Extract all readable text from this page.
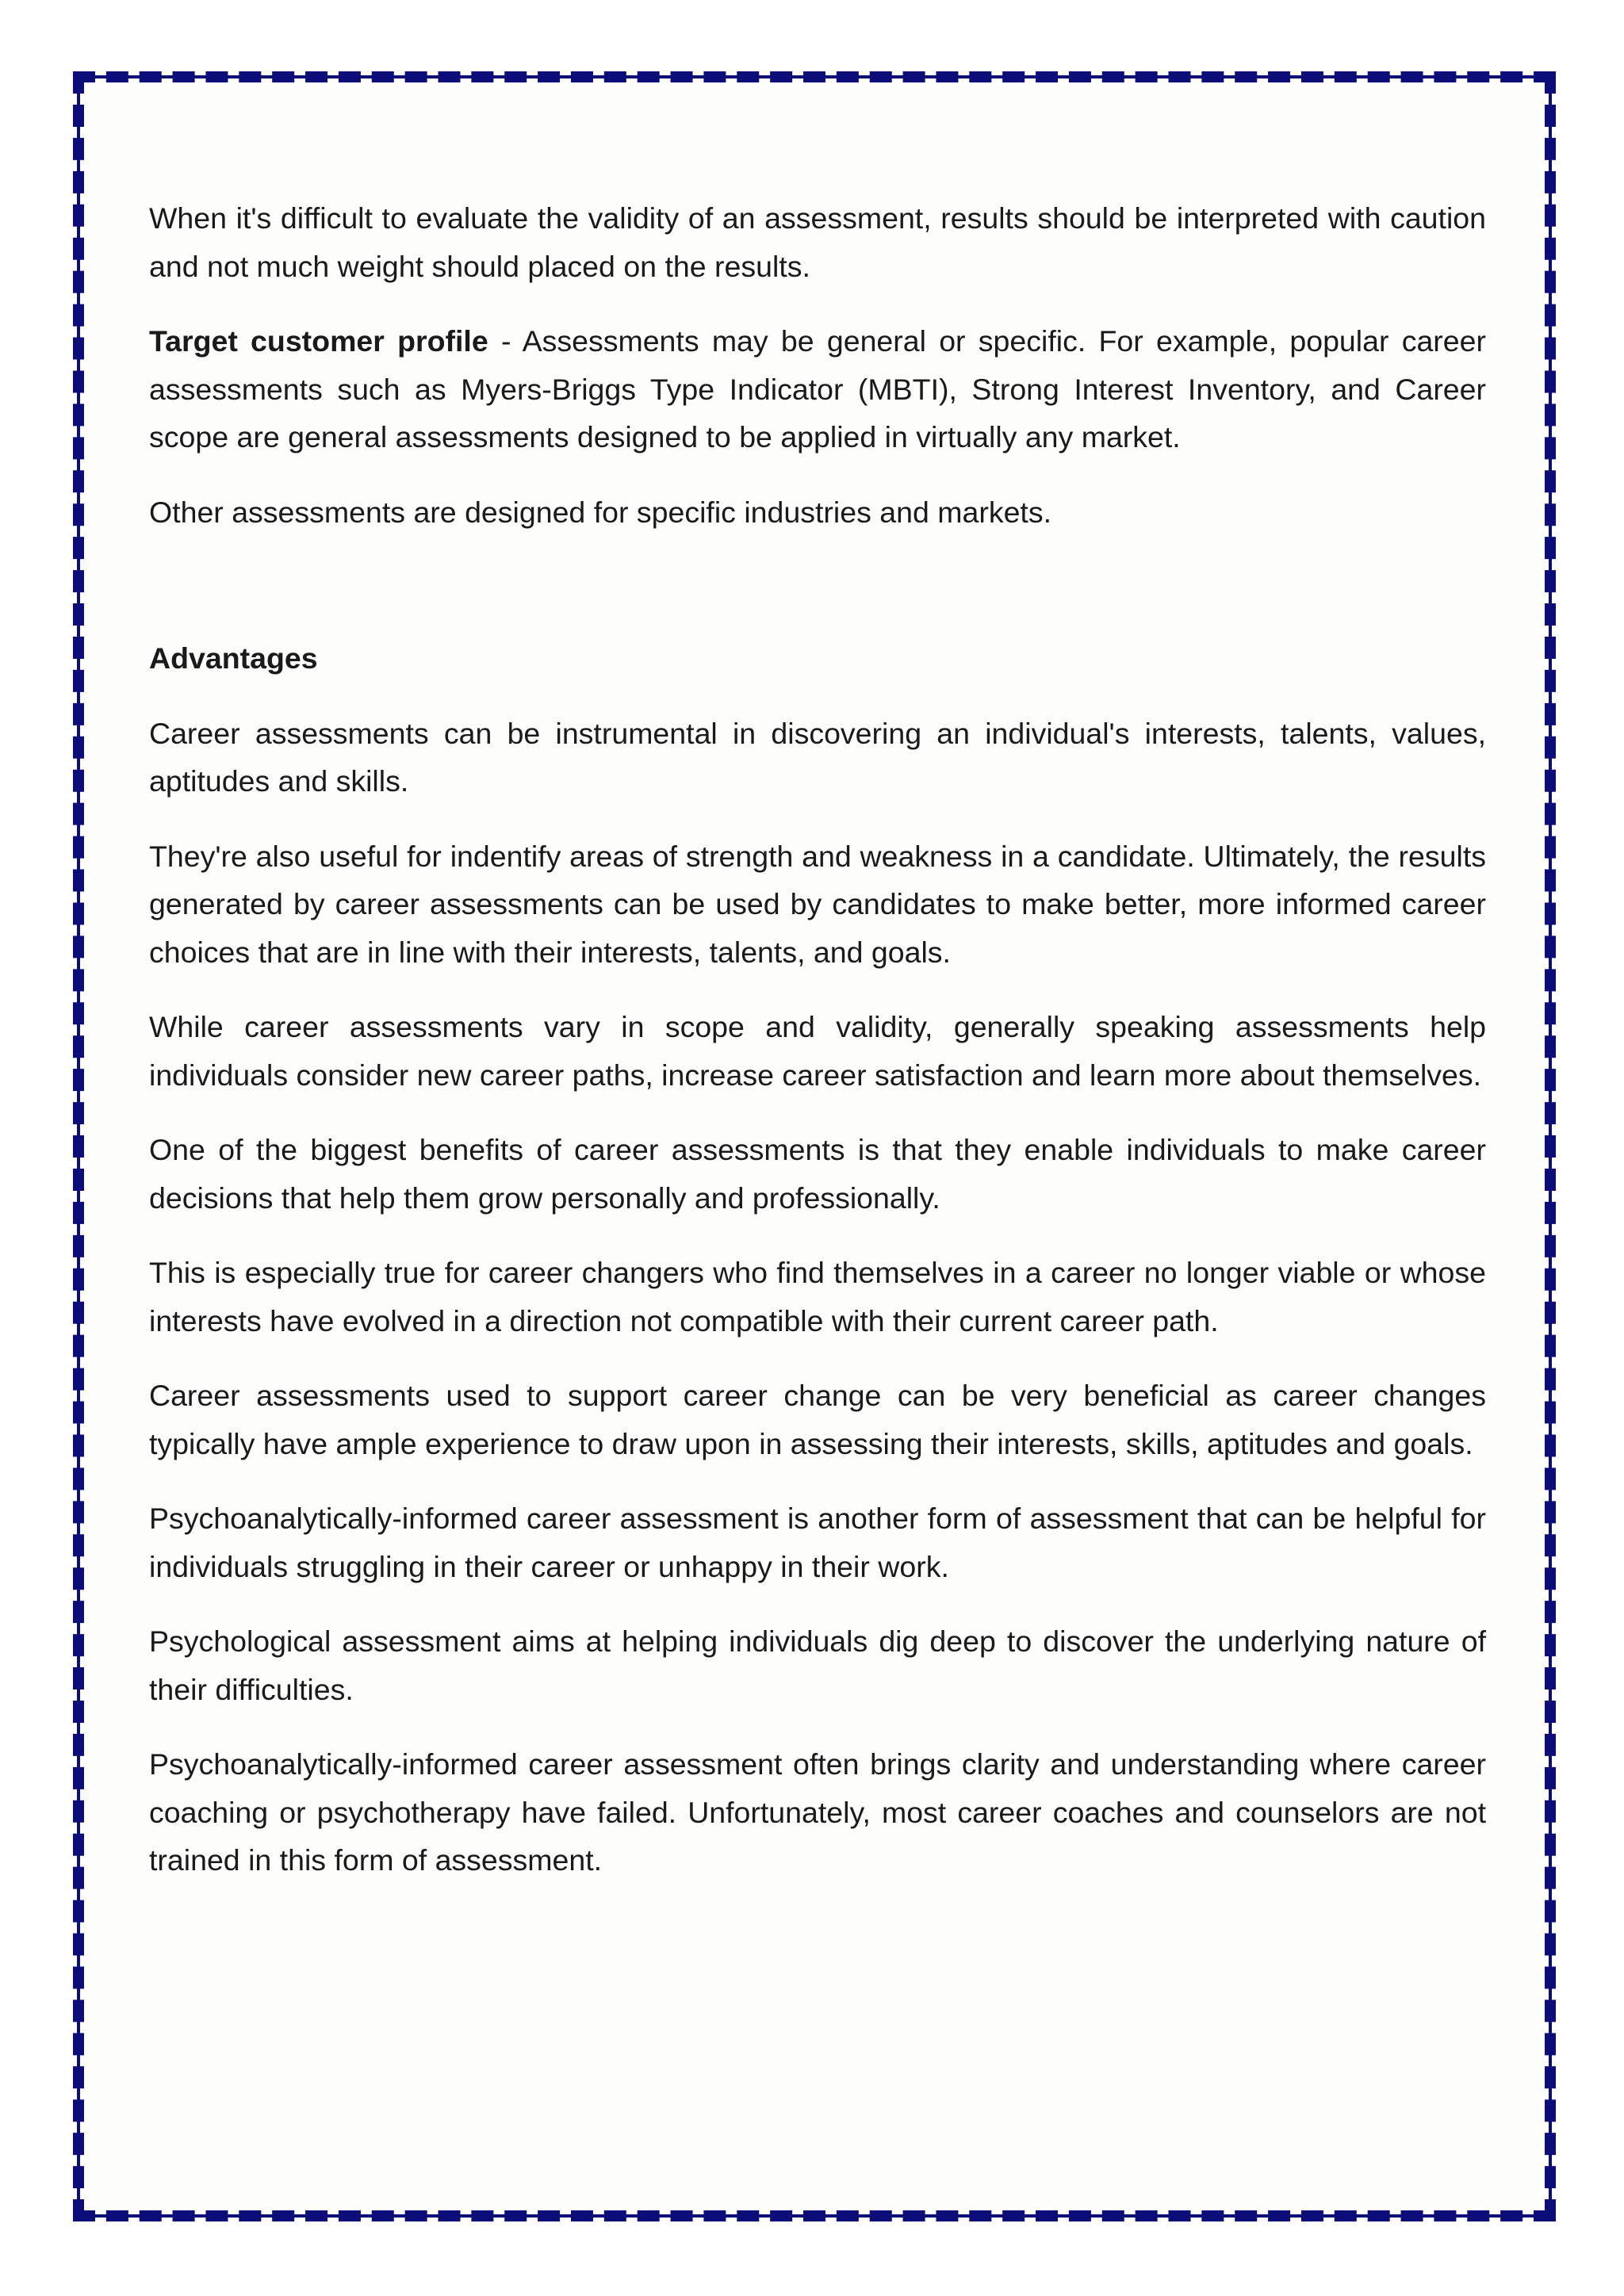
When it's difficult to evaluate the validity of an assessment, results should be interpreted with caution and not much weight should placed on the results.

Target customer profile - Assessments may be general or specific. For example, popular career assessments such as Myers-Briggs Type Indicator (MBTI), Strong Interest Inventory, and Career scope are general assessments designed to be applied in virtually any market.

Other assessments are designed for specific industries and markets.

Advantages

Career assessments can be instrumental in discovering an individual's interests, talents, values, aptitudes and skills.

They're also useful for indentify areas of strength and weakness in a candidate. Ultimately, the results generated by career assessments can be used by candidates to make better, more informed career choices that are in line with their interests, talents, and goals.

While career assessments vary in scope and validity, generally speaking assessments help individuals consider new career paths, increase career satisfaction and learn more about themselves.

One of the biggest benefits of career assessments is that they enable individuals to make career decisions that help them grow personally and professionally.

This is especially true for career changers who find themselves in a career no longer viable or whose interests have evolved in a direction not compatible with their current career path.

Career assessments used to support career change can be very beneficial as career changes typically have ample experience to draw upon in assessing their interests, skills, aptitudes and goals.

Psychoanalytically-informed career assessment is another form of assessment that can be helpful for individuals struggling in their career or unhappy in their work.

Psychological assessment aims at helping individuals dig deep to discover the underlying nature of their difficulties.

Psychoanalytically-informed career assessment often brings clarity and understanding where career coaching or psychotherapy have failed. Unfortunately, most career coaches and counselors are not trained in this form of assessment.
